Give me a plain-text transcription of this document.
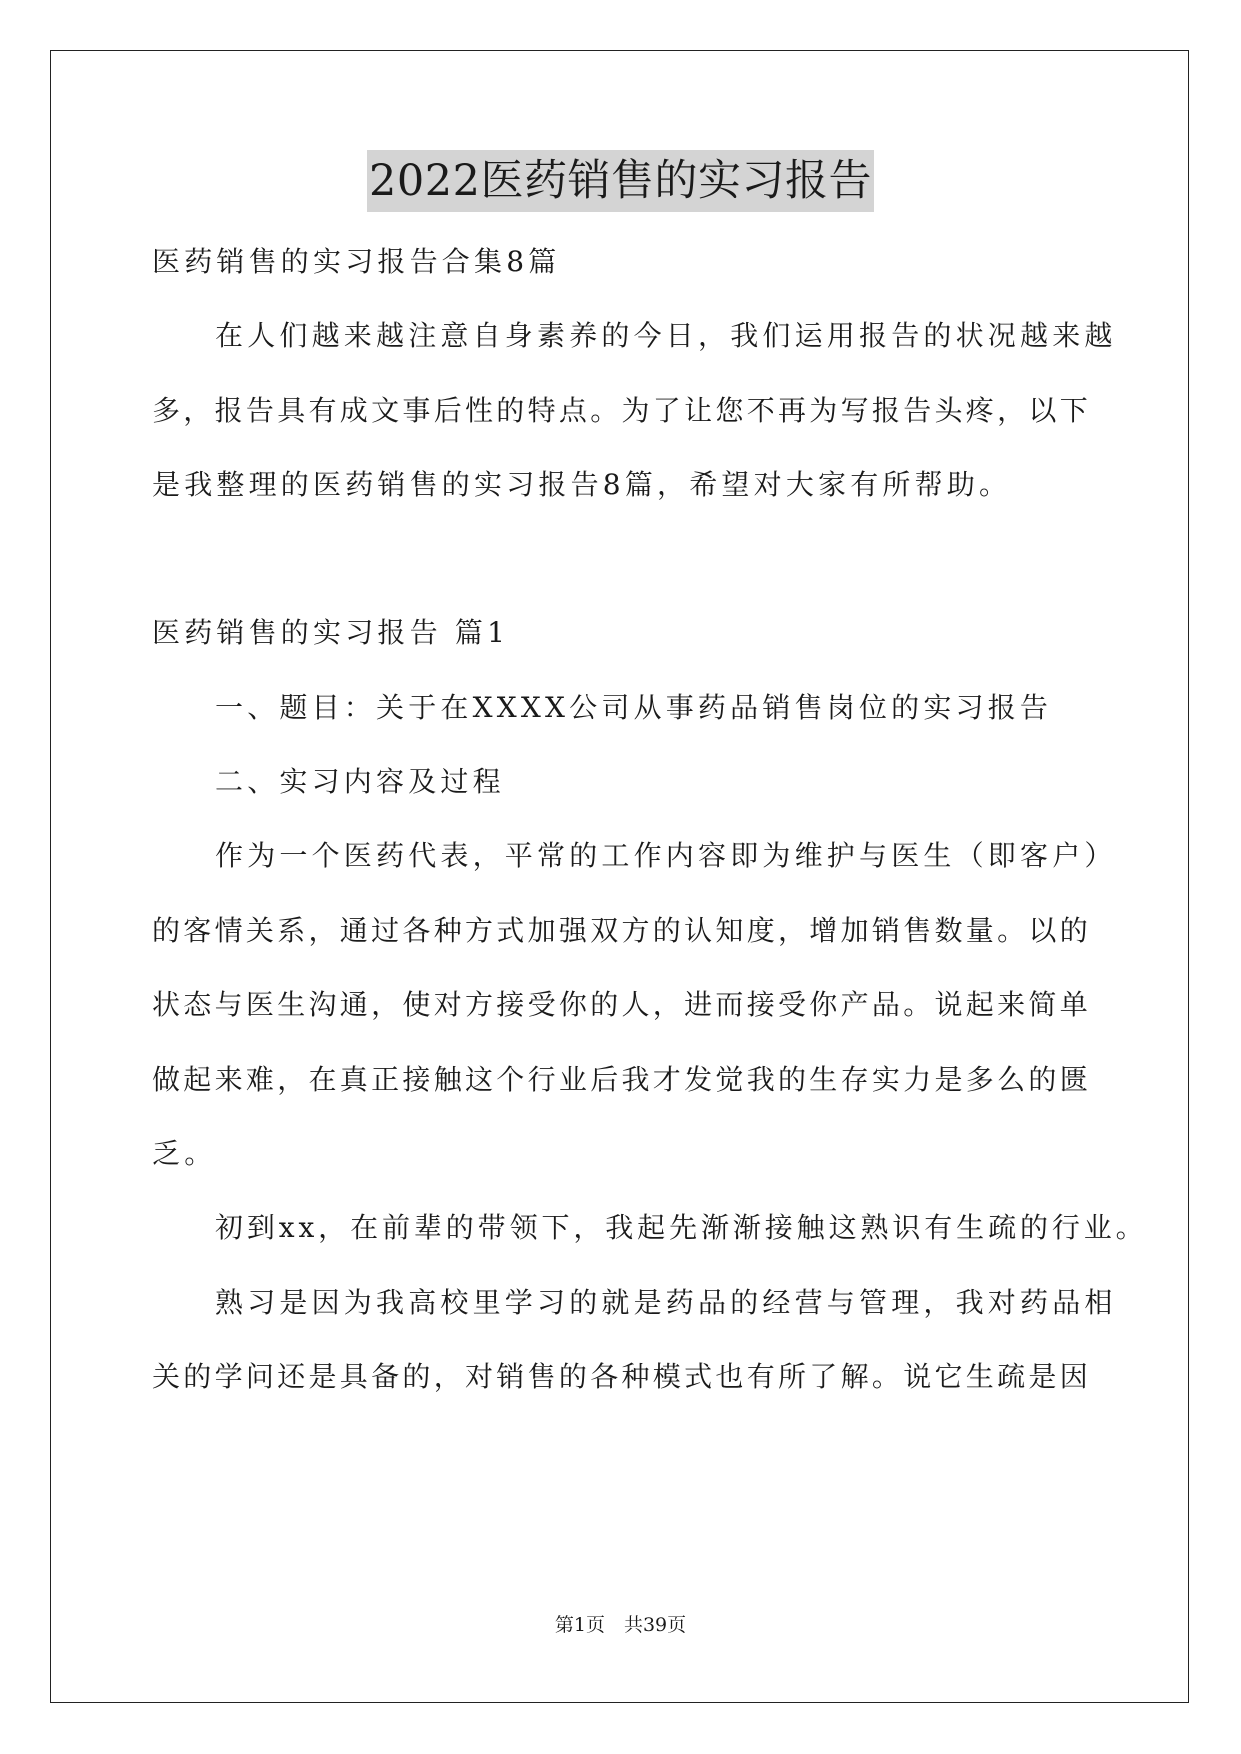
2022医药销售的实习报告

医药销售的实习报告合集8篇

在人们越来越注意自身素养的今日，我们运用报告的状况越来越

多，报告具有成文事后性的特点。为了让您不再为写报告头疼，以下

是我整理的医药销售的实习报告8篇，希望对大家有所帮助。

医药销售的实习报告 篇1

一、题目：关于在XXXX公司从事药品销售岗位的实习报告

二、实习内容及过程

作为一个医药代表，平常的工作内容即为维护与医生（即客户）

的客情关系，通过各种方式加强双方的认知度，增加销售数量。以的

状态与医生沟通，使对方接受你的人，进而接受你产品。说起来简单

做起来难，在真正接触这个行业后我才发觉我的生存实力是多么的匮

乏。

初到xx，在前辈的带领下，我起先渐渐接触这熟识有生疏的行业。

熟习是因为我高校里学习的就是药品的经营与管理，我对药品相

关的学问还是具备的，对销售的各种模式也有所了解。说它生疏是因

第1页　共39页
